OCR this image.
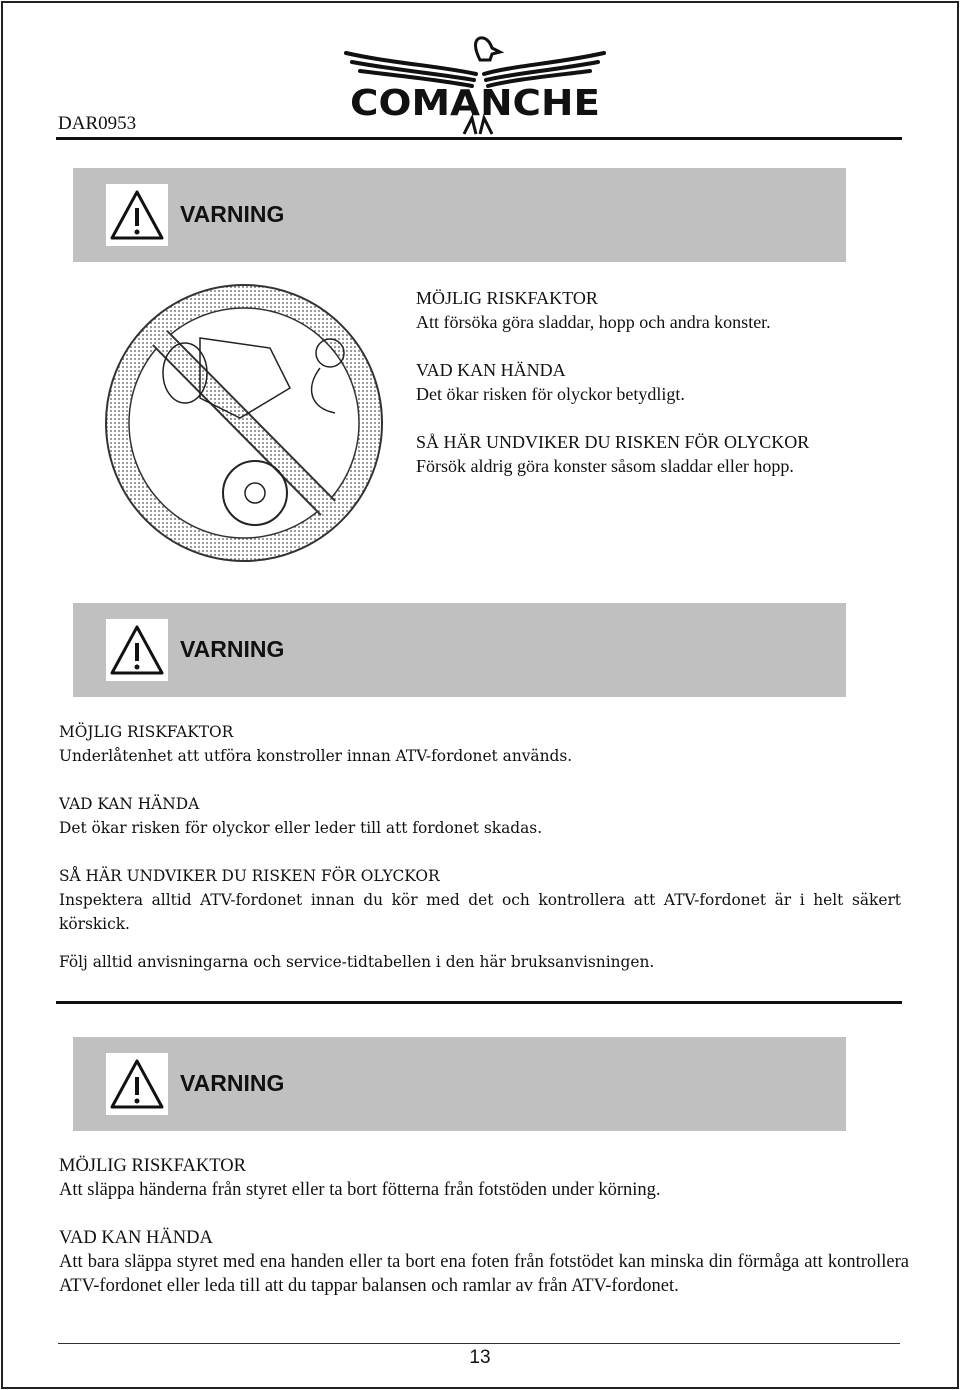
COMANCHE
DAR0953
VARNING
MÖJLIG RISKFAKTOR
Att försöka göra sladdar, hopp och andra konster.
VAD KAN HÄNDA
Det ökar risken för olyckor betydligt.
SÅ HÄR UNDVIKER DU RISKEN FÖR OLYCKOR
Försök aldrig göra konster såsom sladdar eller hopp.
VARNING
MÖJLIG RISKFAKTOR
Underlåtenhet att utföra konstroller innan ATV-fordonet används.
VAD KAN HÄNDA
Det ökar risken för olyckor eller leder till att fordonet skadas.
SÅ HÄR UNDVIKER DU RISKEN FÖR OLYCKOR
Inspektera alltid ATV-fordonet innan du kör med det och kontrollera att ATV-fordonet är i helt säkert körskick.
Följ alltid anvisningarna och service-tidtabellen i den här bruksanvisningen.
VARNING
MÖJLIG RISKFAKTOR
Att släppa händerna från styret eller ta bort fötterna från fotstöden under körning.
VAD KAN HÄNDA
Att bara släppa styret med ena handen eller ta bort ena foten från fotstödet kan minska din förmåga att kontrollera ATV-fordonet eller leda till att du tappar balansen och ramlar av från ATV-fordonet.
13
